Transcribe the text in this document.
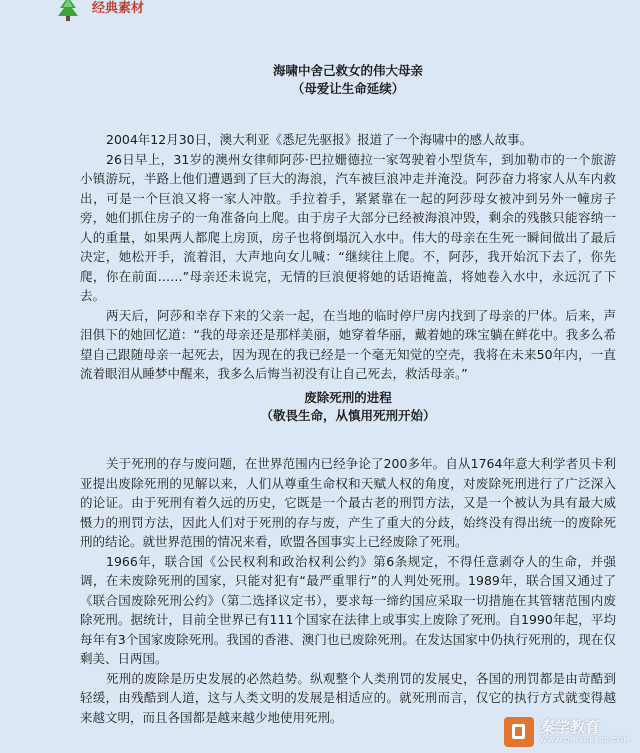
经典素材

海啸中舍己救女的伟大母亲

（母爱让生命延续）

2004年12月30日，澳大利亚《悉尼先驱报》报道了一个海啸中的感人故事。

26日早上，31岁的澳州女律师阿莎·巴拉姗德拉一家驾驶着小型货车，到加勒市的一个旅游小镇游玩，半路上他们遭遇到了巨大的海浪，汽车被巨浪冲走并淹没。阿莎奋力将家人从车内救出，可是一个巨浪又将一家人冲散。手拉着手，紧紧靠在一起的阿莎母女被冲到另外一幢房子旁，她们抓住房子的一角准备向上爬。由于房子大部分已经被海浪冲毁，剩余的残骸只能容纳一人的重量，如果两人都爬上房顶，房子也将倒塌沉入水中。伟大的母亲在生死一瞬间做出了最后决定，她松开手，流着泪，大声地向女儿喊：“继续往上爬。不，阿莎，我开始沉下去了，你先爬，你在前面……”母亲还未说完，无情的巨浪便将她的话语掩盖，将她卷入水中，永远沉了下去。

两天后，阿莎和幸存下来的父亲一起，在当地的临时停尸房内找到了母亲的尸体。后来，声泪俱下的她回忆道：“我的母亲还是那样美丽，她穿着华丽，戴着她的珠宝躺在鲜花中。我多么希望自己跟随母亲一起死去，因为现在的我已经是一个毫无知觉的空壳，我将在未来50年内，一直流着眼泪从睡梦中醒来，我多么后悔当初没有让自己死去，救活母亲。”

废除死刑的进程

（敬畏生命，从慎用死刑开始）

关于死刑的存与废问题，在世界范围内已经争论了200多年。自从1764年意大利学者贝卡利亚提出废除死刑的见解以来，人们从尊重生命权和天赋人权的角度，对废除死刑进行了广泛深入的论证。由于死刑有着久远的历史，它既是一个最古老的刑罚方法，又是一个被认为具有最大威慑力的刑罚方法，因此人们对于死刑的存与废，产生了重大的分歧，始终没有得出统一的废除死刑的结论。就世界范围的情况来看，欧盟各国事实上已经废除了死刑。

1966年，联合国《公民权利和政治权利公约》第6条规定，不得任意剥夺人的生命，并强调，在未废除死刑的国家，只能对犯有“最严重罪行”的人判处死刑。1989年，联合国又通过了《联合国废除死刑公约》（第二选择议定书），要求每一缔约国应采取一切措施在其管辖范围内废除死刑。据统计，目前全世界已有111个国家在法律上或事实上废除了死刑。自1990年起，平均每年有3个国家废除死刑。我国的香港、澳门也已废除死刑。在发达国家中仍执行死刑的，现在仅剩美、日两国。

死刑的废除是历史发展的必然趋势。纵观整个人类刑罚的发展史，各国的刑罚都是由苛酷到轻缓，由残酷到人道，这与人类文明的发展是相适应的。就死刑而言，仅它的执行方式就变得越来越文明，而且各国都是越来越少地使用死刑。

秦学教育
WWW.QINXUE100.COM
